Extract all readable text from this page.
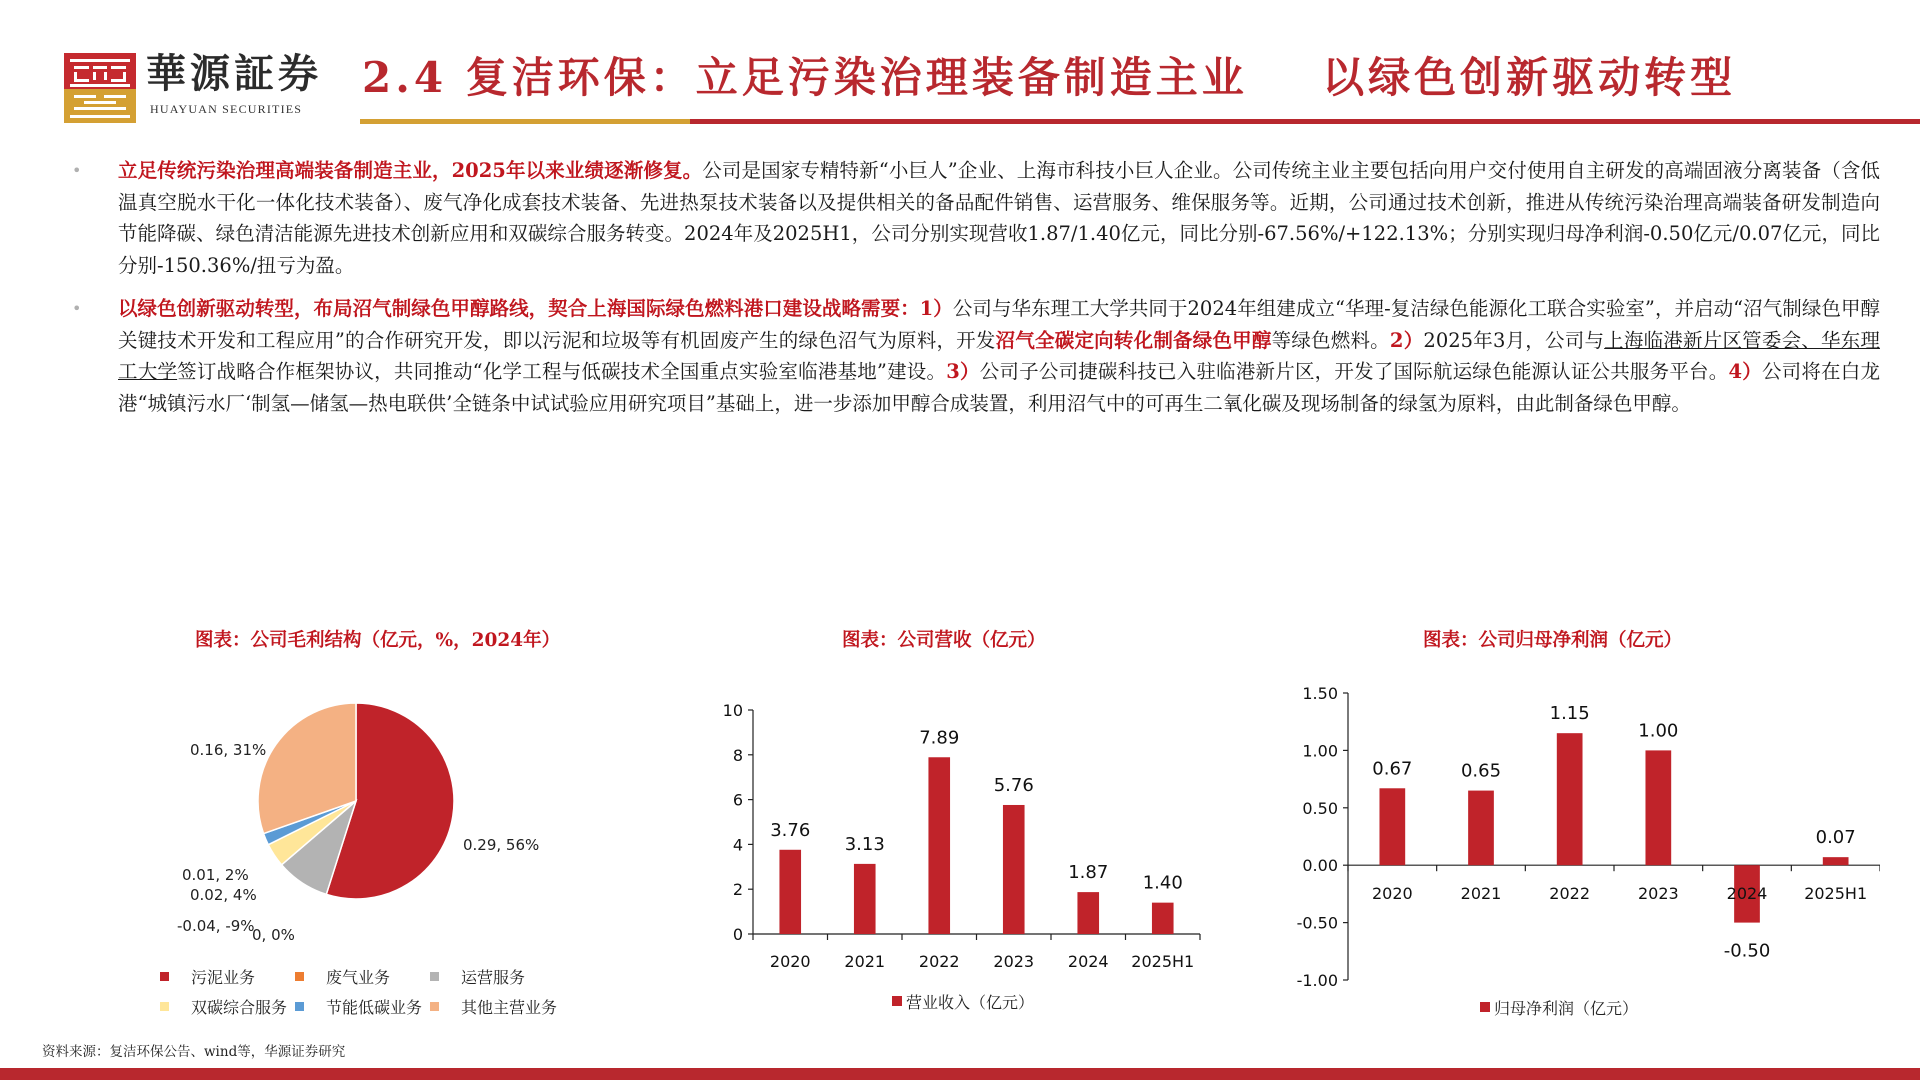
華源証券
HUAYUAN SECURITIES
2.4 复洁环保：立足污染治理装备制造主业    以绿色创新驱动转型
• 立足传统污染治理高端装备制造主业，2025年以来业绩逐渐修复。公司是国家专精特新“小巨人”企业、上海市科技小巨人企业。公司传统主业主要包括向用户交付使用自主研发的高端固液分离装备（含低温真空脱水干化一体化技术装备）、废气净化成套技术装备、先进热泵技术装备以及提供相关的备品配件销售、运营服务、维保服务等。近期，公司通过技术创新，推进从传统污染治理高端装备研发制造向节能降碳、绿色清洁能源先进技术创新应用和双碳综合服务转变。2024年及2025H1，公司分别实现营收1.87/1.40亿元，同比分别-67.56%/+122.13%；分别实现归母净利润-0.50亿元/0.07亿元，同比分别-150.36%/扭亏为盈。
• 以绿色创新驱动转型，布局沼气制绿色甲醇路线，契合上海国际绿色燃料港口建设战略需要：1）公司与华东理工大学共同于2024年组建成立“华理-复洁绿色能源化工联合实验室”，并启动“沼气制绿色甲醇关键技术开发和工程应用”的合作研究开发，即以污泥和垃圾等有机固废产生的绿色沼气为原料，开发沼气全碳定向转化制备绿色甲醇等绿色燃料。2）2025年3月，公司与上海临港新片区管委会、华东理工大学签订战略合作框架协议，共同推动“化学工程与低碳技术全国重点实验室临港基地”建设。3）公司子公司捷碳科技已入驻临港新片区，开发了国际航运绿色能源认证公共服务平台。4）公司将在白龙港“城镇污水厂‘制氢—储氢—热电联供’全链条中试试验应用研究项目”基础上，进一步添加甲醇合成装置，利用沼气中的可再生二氧化碳及现场制备的绿氢为原料，由此制备绿色甲醇。
图表：公司毛利结构（亿元，%，2024年）	图表：公司营收（亿元）	图表：公司归母净利润（亿元）
0.29, 56%
0, 0%
-0.04, -9%
0.02, 4%
0.01, 2%
0.16, 31%
污泥业务	废气业务	运营服务
双碳综合服务 节能低碳业务 其他主营业务
0
2
4
6
8
10
3.76
2020
3.13
2021
7.89
2022
5.76
2023
1.87
2024
1.40
2025H1
营业收入（亿元）
-1.00
-0.50
0.00
0.50
1.00
1.50
0.67
2020
0.65
2021
1.15
2022
1.00
2023
-0.50
2024
0.07
2025H1
归母净利润（亿元）
资料来源：复洁环保公告、wind等，华源证券研究
